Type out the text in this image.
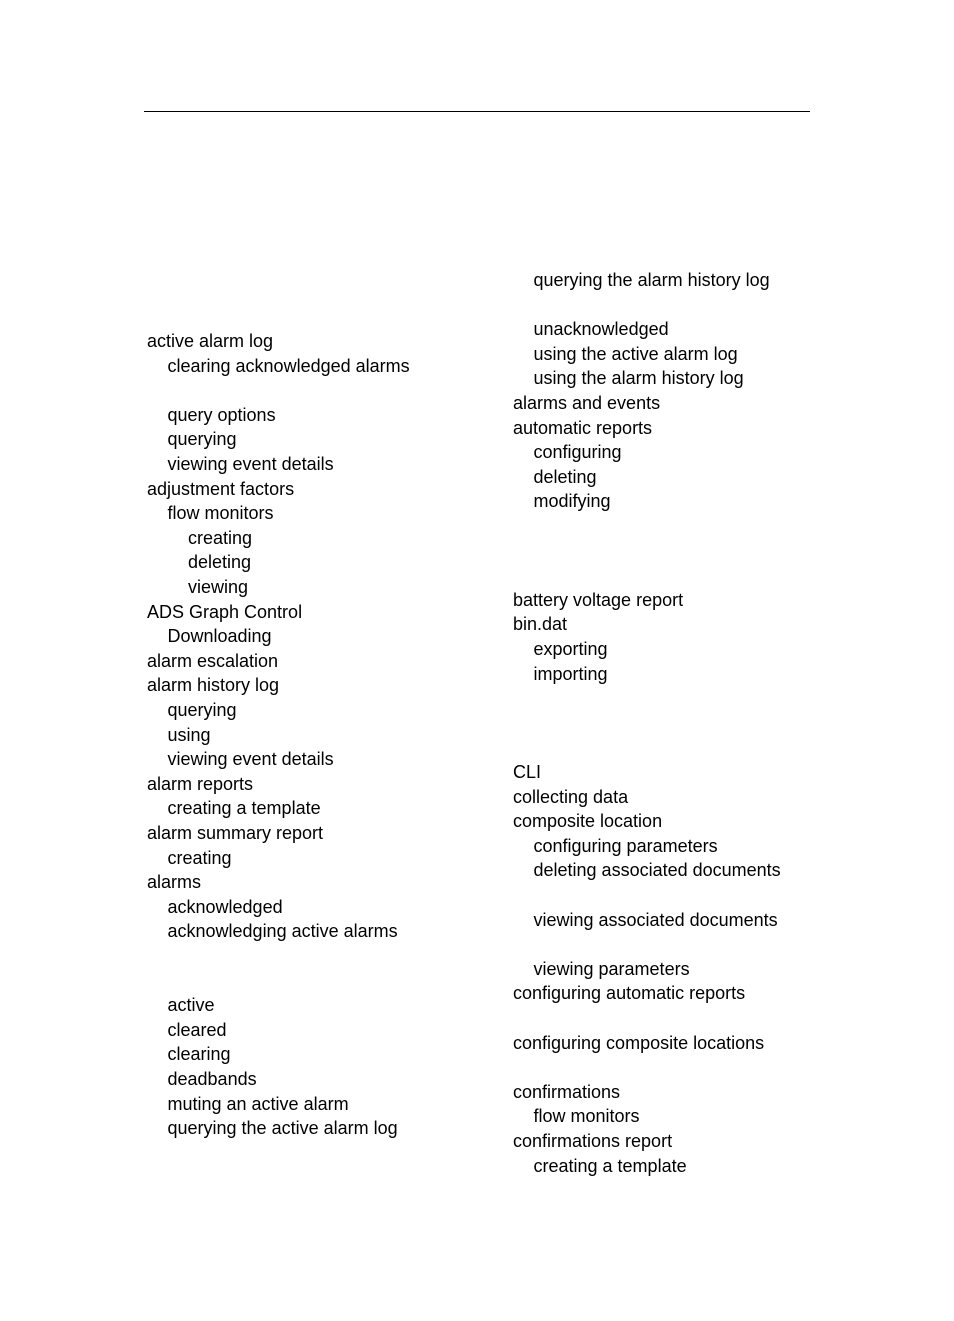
active alarm log
clearing acknowledged alarms
query options
querying
viewing event details
adjustment factors
flow monitors
creating
deleting
viewing
ADS Graph Control
Downloading
alarm escalation
alarm history log
querying
using
viewing event details
alarm reports
creating a template
alarm summary report
creating
alarms
acknowledged
acknowledging active alarms
active
cleared
clearing
deadbands
muting an active alarm
querying the active alarm log
querying the alarm history log
unacknowledged
using the active alarm log
using the alarm history log
alarms and events
automatic reports
configuring
deleting
modifying
battery voltage report
bin.dat
exporting
importing
CLI
collecting data
composite location
configuring parameters
deleting associated documents
viewing associated documents
viewing parameters
configuring automatic reports
configuring composite locations
confirmations
flow monitors
confirmations report
creating a template
